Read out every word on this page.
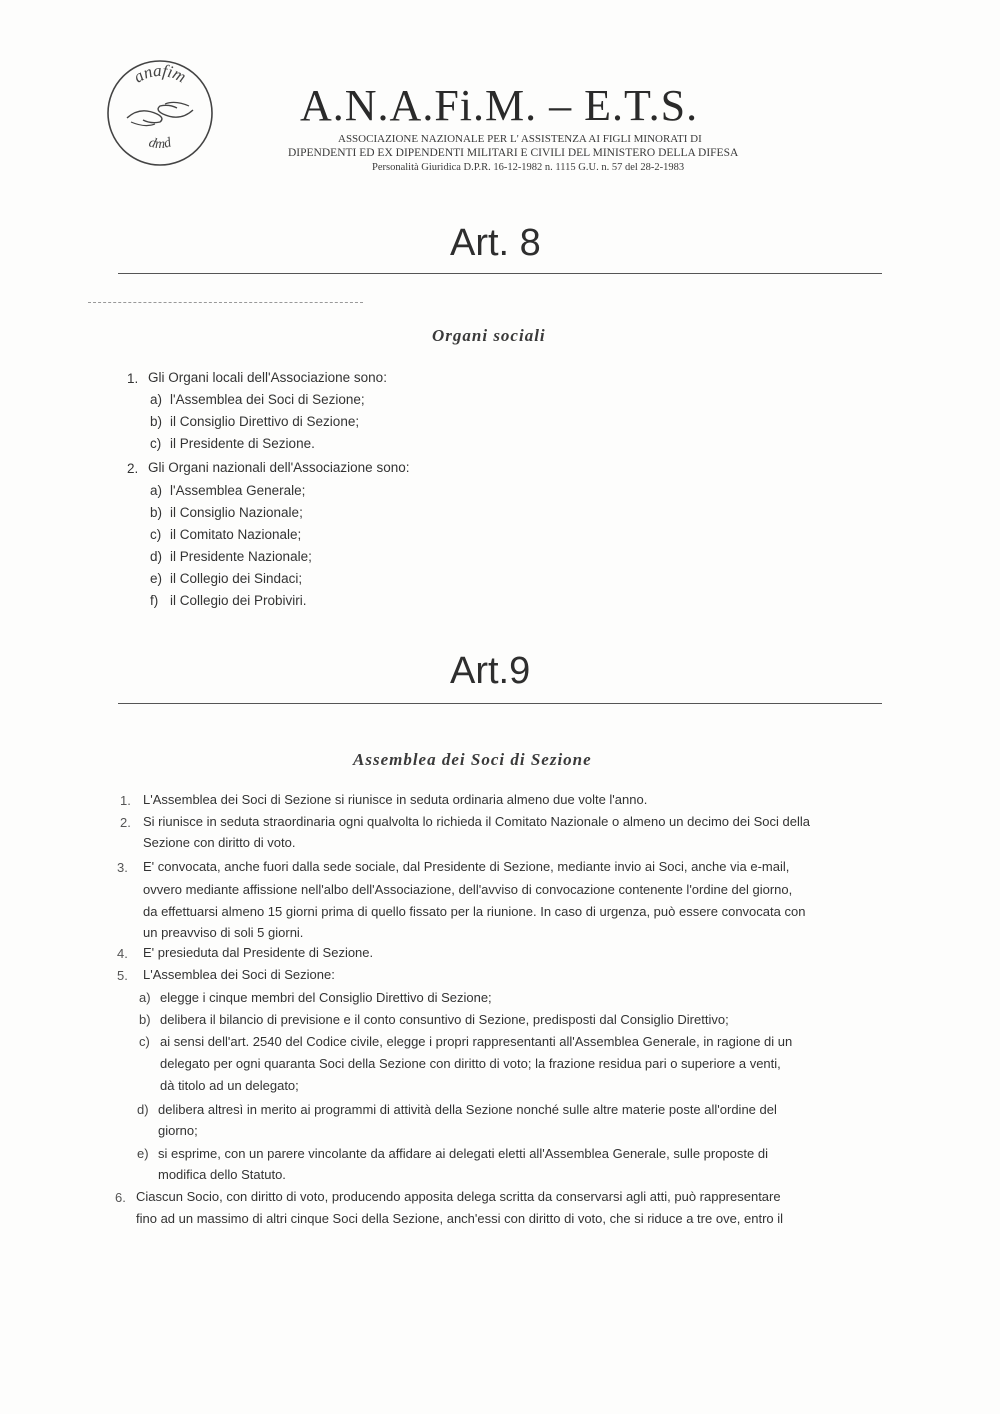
anafim
dmd
A.N.A.Fi.M. – E.T.S.
ASSOCIAZIONE NAZIONALE PER L' ASSISTENZA AI FIGLI MINORATI DI
DIPENDENTI ED EX DIPENDENTI MILITARI E CIVILI DEL MINISTERO DELLA DIFESA
Personalità Giuridica D.P.R. 16-12-1982 n. 1115 G.U. n. 57 del 28-2-1983
Art. 8
Organi sociali
1. Gli Organi locali dell'Associazione sono:
a) l'Assemblea dei Soci di Sezione;
b) il Consiglio Direttivo di Sezione;
c) il Presidente di Sezione.
2. Gli Organi nazionali dell'Associazione sono:
a) l'Assemblea Generale;
b) il Consiglio Nazionale;
c) il Comitato Nazionale;
d) il Presidente Nazionale;
e) il Collegio dei Sindaci;
f) il Collegio dei Probiviri.
Art.9
Assemblea dei Soci di Sezione
1. L'Assemblea dei Soci di Sezione si riunisce in seduta ordinaria almeno due volte l'anno.
2. Si riunisce in seduta straordinaria ogni qualvolta lo richieda il Comitato Nazionale o almeno un decimo dei Soci della
Sezione con diritto di voto.
3. E' convocata, anche fuori dalla sede sociale, dal Presidente di Sezione, mediante invio ai Soci, anche via e-mail,
ovvero mediante affissione nell'albo dell'Associazione, dell'avviso di convocazione contenente l'ordine del giorno,
da effettuarsi almeno 15 giorni prima di quello fissato per la riunione. In caso di urgenza, può essere convocata con
un preavviso di soli 5 giorni.
4. E' presieduta dal Presidente di Sezione.
5. L'Assemblea dei Soci di Sezione:
a) elegge i cinque membri del Consiglio Direttivo di Sezione;
b) delibera il bilancio di previsione e il conto consuntivo di Sezione, predisposti dal Consiglio Direttivo;
c) ai sensi dell'art. 2540 del Codice civile, elegge i propri rappresentanti all'Assemblea Generale, in ragione di un
delegato per ogni quaranta Soci della Sezione con diritto di voto; la frazione residua pari o superiore a venti,
dà titolo ad un delegato;
d) delibera altresì in merito ai programmi di attività della Sezione nonché sulle altre materie poste all'ordine del
giorno;
e) si esprime, con un parere vincolante da affidare ai delegati eletti all'Assemblea Generale, sulle proposte di
modifica dello Statuto.
6. Ciascun Socio, con diritto di voto, producendo apposita delega scritta da conservarsi agli atti, può rappresentare
fino ad un massimo di altri cinque Soci della Sezione, anch'essi con diritto di voto, che si riduce a tre ove, entro il
